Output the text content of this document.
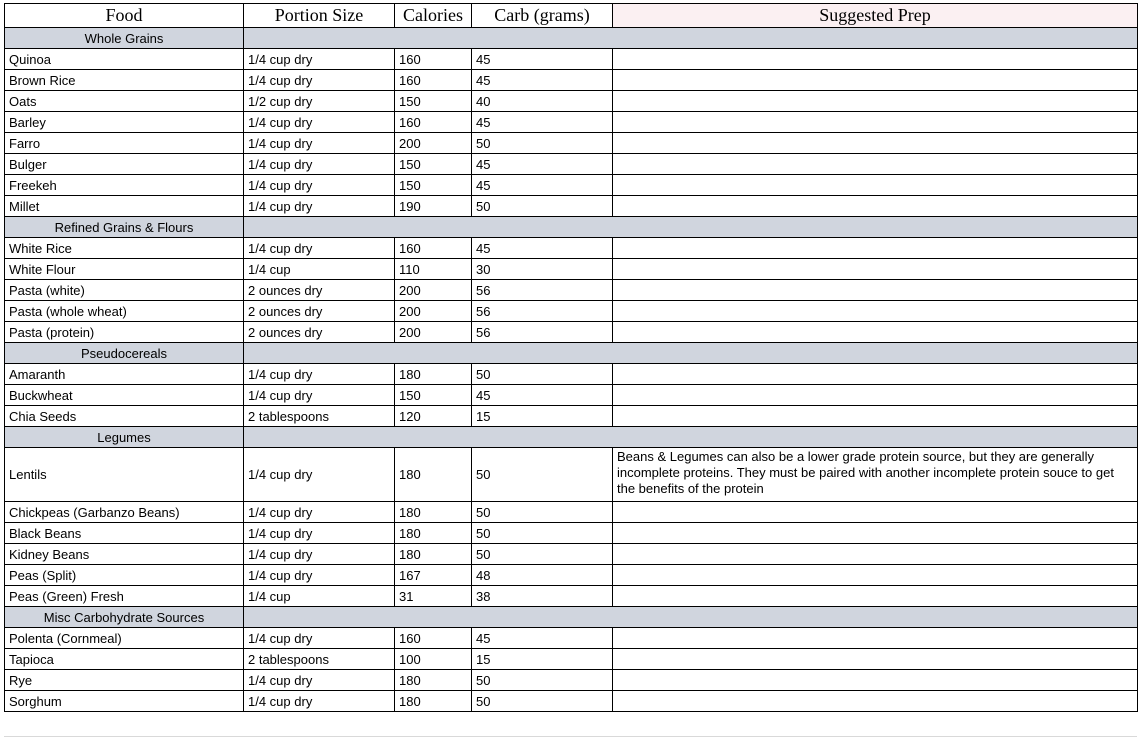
Food	Portion Size	Calories	Carb (grams)	Suggested Prep
Whole Grains				
Quinoa	1/4 cup dry	160	45	
Brown Rice	1/4 cup dry	160	45	
Oats	1/2 cup dry	150	40	
Barley	1/4 cup dry	160	45	
Farro	1/4 cup dry	200	50	
Bulger	1/4 cup dry	150	45	
Freekeh	1/4 cup dry	150	45	
Millet	1/4 cup dry	190	50	
Refined Grains & Flours				
White Rice	1/4 cup dry	160	45	
White Flour	1/4 cup	110	30	
Pasta (white)	2 ounces dry	200	56	
Pasta (whole wheat)	2 ounces dry	200	56	
Pasta (protein)	2 ounces dry	200	56	
Pseudocereals				
Amaranth	1/4 cup dry	180	50	
Buckwheat	1/4 cup dry	150	45	
Chia Seeds	2 tablespoons	120	15	
Legumes				
Lentils	1/4 cup dry	180	50	Beans & Legumes can also be a lower grade protein source, but they are generally incomplete proteins. They must be paired with another incomplete protein souce to get the benefits of the protein
Chickpeas (Garbanzo Beans)	1/4 cup dry	180	50	
Black Beans	1/4 cup dry	180	50	
Kidney Beans	1/4 cup dry	180	50	
Peas (Split)	1/4 cup dry	167	48	
Peas (Green) Fresh	1/4 cup	31	38	
Misc Carbohydrate Sources				
Polenta (Cornmeal)	1/4 cup dry	160	45	
Tapioca	2 tablespoons	100	15	
Rye	1/4 cup dry	180	50	
Sorghum	1/4 cup dry	180	50	
